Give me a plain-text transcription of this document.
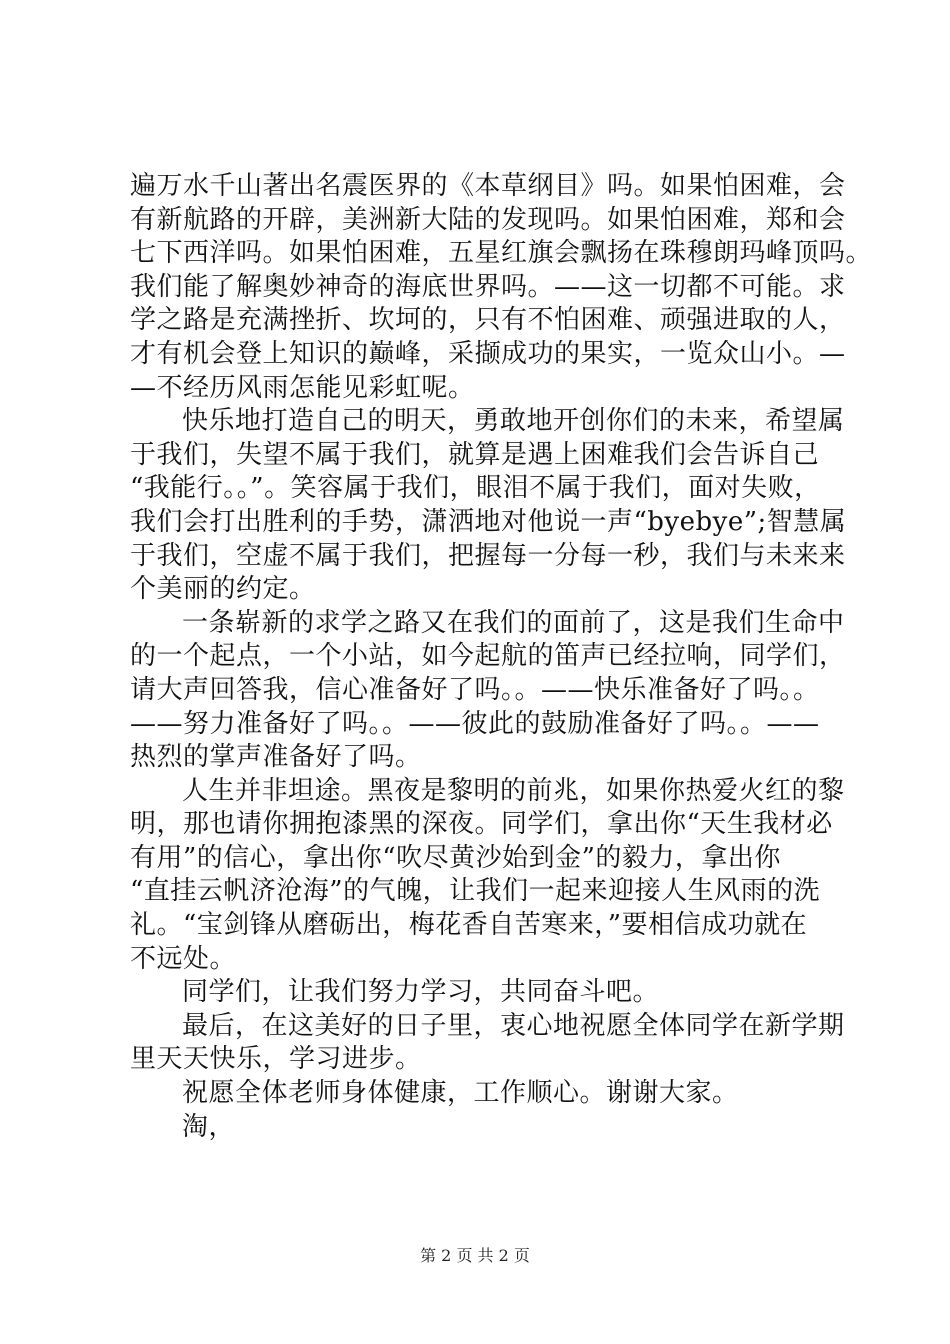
遍万水千山著出名震医界的《本草纲目》吗。如果怕困难，会
有新航路的开辟，美洲新大陆的发现吗。如果怕困难，郑和会
七下西洋吗。如果怕困难，五星红旗会飘扬在珠穆朗玛峰顶吗。
我们能了解奥妙神奇的海底世界吗。——这一切都不可能。求
学之路是充满挫折、坎坷的，只有不怕困难、顽强进取的人，
才有机会登上知识的巅峰，采撷成功的果实，一览众山小。—
—不经历风雨怎能见彩虹呢。

快乐地打造自己的明天，勇敢地开创你们的未来，希望属
于我们，失望不属于我们，就算是遇上困难我们会告诉自己
“我能行。。”。笑容属于我们，眼泪不属于我们，面对失败，
我们会打出胜利的手势，潇洒地对他说一声“byebye”;智慧属
于我们，空虚不属于我们，把握每一分每一秒，我们与未来来
个美丽的约定。

一条崭新的求学之路又在我们的面前了，这是我们生命中
的一个起点，一个小站，如今起航的笛声已经拉响，同学们，
请大声回答我，信心准备好了吗。。——快乐准备好了吗。。
——努力准备好了吗。。——彼此的鼓励准备好了吗。。——
热烈的掌声准备好了吗。

人生并非坦途。黑夜是黎明的前兆，如果你热爱火红的黎
明，那也请你拥抱漆黑的深夜。同学们，拿出你“天生我材必
有用”的信心，拿出你“吹尽黄沙始到金”的毅力，拿出你
“直挂云帆济沧海”的气魄，让我们一起来迎接人生风雨的洗
礼。“宝剑锋从磨砺出，梅花香自苦寒来，”要相信成功就在
不远处。

同学们，让我们努力学习，共同奋斗吧。

最后，在这美好的日子里，衷心地祝愿全体同学在新学期
里天天快乐，学习进步。

祝愿全体老师身体健康，工作顺心。谢谢大家。

淘，

第 2 页 共 2 页
